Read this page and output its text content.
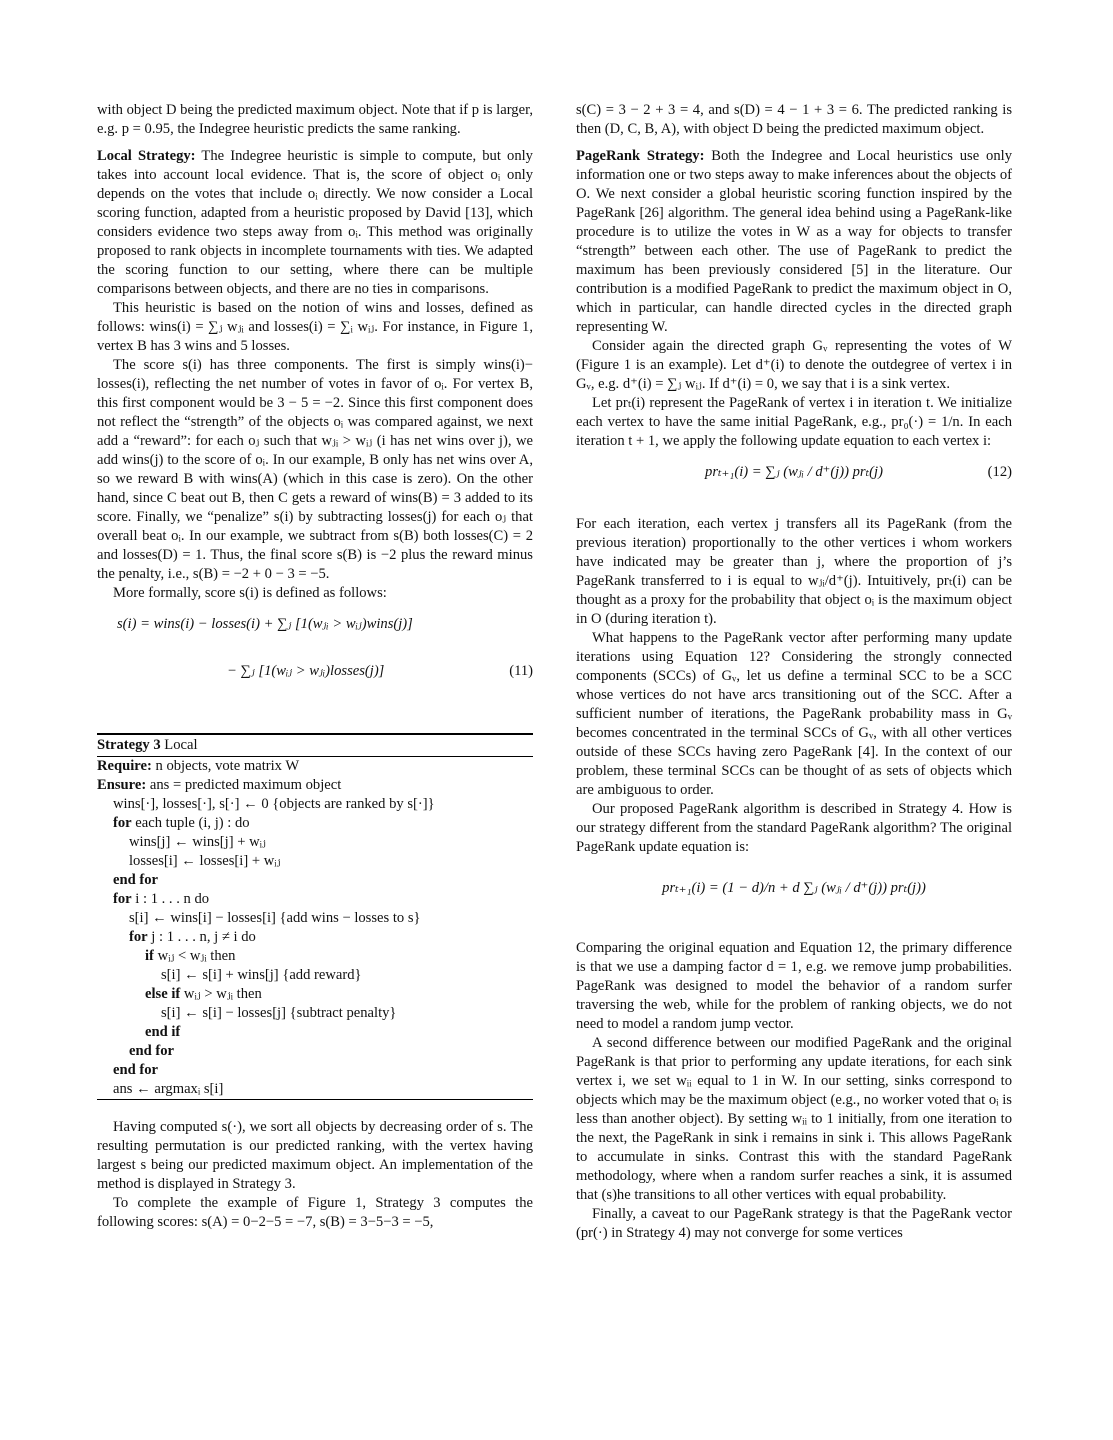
with object D being the predicted maximum object. Note that if p is larger, e.g. p = 0.95, the Indegree heuristic predicts the same ranking.

Local Strategy: The Indegree heuristic is simple to compute, but only takes into account local evidence. That is, the score of object oᵢ only depends on the votes that include oᵢ directly. We now consider a Local scoring function, adapted from a heuristic proposed by David [13], which considers evidence two steps away from oᵢ. This method was originally proposed to rank objects in incomplete tournaments with ties. We adapted the scoring function to our setting, where there can be multiple comparisons between objects, and there are no ties in comparisons.

This heuristic is based on the notion of wins and losses, defined as follows: wins(i) = ∑ⱼ wⱼᵢ and losses(i) = ∑ᵢ wᵢⱼ. For instance, in Figure 1, vertex B has 3 wins and 5 losses.

The score s(i) has three components. The first is simply wins(i)− losses(i), reflecting the net number of votes in favor of oᵢ. For vertex B, this first component would be 3 − 5 = −2. Since this first component does not reflect the “strength” of the objects oᵢ was compared against, we next add a “reward”: for each oⱼ such that wⱼᵢ > wᵢⱼ (i has net wins over j), we add wins(j) to the score of oᵢ. In our example, B only has net wins over A, so we reward B with wins(A) (which in this case is zero). On the other hand, since C beat out B, then C gets a reward of wins(B) = 3 added to its score. Finally, we “penalize” s(i) by subtracting losses(j) for each oⱼ that overall beat oᵢ. In our example, we subtract from s(B) both losses(C) = 2 and losses(D) = 1. Thus, the final score s(B) is −2 plus the reward minus the penalty, i.e., s(B) = −2 + 0 − 3 = −5.

More formally, score s(i) is defined as follows:

s(i) = wins(i) − losses(i) + ∑ⱼ [1(wⱼᵢ > wᵢⱼ)wins(j)]
− ∑ⱼ [1(wᵢⱼ > wⱼᵢ)losses(j)]	(11)
Strategy 3 Local
Require: n objects, vote matrix W
Ensure: ans = predicted maximum object
wins[·], losses[·], s[·] ← 0 {objects are ranked by s[·]}
for each tuple (i, j) : do
wins[j] ← wins[j] + wᵢⱼ
losses[i] ← losses[i] + wᵢⱼ
end for
for i : 1 . . . n do
s[i] ← wins[i] − losses[i] {add wins − losses to s}
for j : 1 . . . n, j ≠ i do
if wᵢⱼ < wⱼᵢ then
s[i] ← s[i] + wins[j] {add reward}
else if wᵢⱼ > wⱼᵢ then
s[i] ← s[i] − losses[j] {subtract penalty}
end if
end for
end for
ans ← argmaxᵢ s[i]

Having computed s(·), we sort all objects by decreasing order of s. The resulting permutation is our predicted ranking, with the vertex having largest s being our predicted maximum object. An implementation of the method is displayed in Strategy 3.

To complete the example of Figure 1, Strategy 3 computes the following scores: s(A) = 0−2−5 = −7, s(B) = 3−5−3 = −5,

s(C) = 3 − 2 + 3 = 4, and s(D) = 4 − 1 + 3 = 6. The predicted ranking is then (D, C, B, A), with object D being the predicted maximum object.

PageRank Strategy: Both the Indegree and Local heuristics use only information one or two steps away to make inferences about the objects of O. We next consider a global heuristic scoring function inspired by the PageRank [26] algorithm. The general idea behind using a PageRank-like procedure is to utilize the votes in W as a way for objects to transfer “strength” between each other. The use of PageRank to predict the maximum has been previously considered [5] in the literature. Our contribution is a modified PageRank to predict the maximum object in O, which in particular, can handle directed cycles in the directed graph representing W.

Consider again the directed graph Gᵥ representing the votes of W (Figure 1 is an example). Let d⁺(i) to denote the outdegree of vertex i in Gᵥ, e.g. d⁺(i) = ∑ⱼ wᵢⱼ. If d⁺(i) = 0, we say that i is a sink vertex.

Let prₜ(i) represent the PageRank of vertex i in iteration t. We initialize each vertex to have the same initial PageRank, e.g., pr₀(·) = 1/n. In each iteration t + 1, we apply the following update equation to each vertex i:

prₜ₊₁(i) = ∑ⱼ (wⱼᵢ / d⁺(j)) prₜ(j)	(12)

For each iteration, each vertex j transfers all its PageRank (from the previous iteration) proportionally to the other vertices i whom workers have indicated may be greater than j, where the proportion of j’s PageRank transferred to i is equal to wⱼᵢ/d⁺(j). Intuitively, prₜ(i) can be thought as a proxy for the probability that object oᵢ is the maximum object in O (during iteration t).

What happens to the PageRank vector after performing many update iterations using Equation 12? Considering the strongly connected components (SCCs) of Gᵥ, let us define a terminal SCC to be a SCC whose vertices do not have arcs transitioning out of the SCC. After a sufficient number of iterations, the PageRank probability mass in Gᵥ becomes concentrated in the terminal SCCs of Gᵥ, with all other vertices outside of these SCCs having zero PageRank [4]. In the context of our problem, these terminal SCCs can be thought of as sets of objects which are ambiguous to order.

Our proposed PageRank algorithm is described in Strategy 4. How is our strategy different from the standard PageRank algorithm? The original PageRank update equation is:

prₜ₊₁(i) = (1 − d)/n + d ∑ⱼ (wⱼᵢ / d⁺(j)) prₜ(j))

Comparing the original equation and Equation 12, the primary difference is that we use a damping factor d = 1, e.g. we remove jump probabilities. PageRank was designed to model the behavior of a random surfer traversing the web, while for the problem of ranking objects, we do not need to model a random jump vector.

A second difference between our modified PageRank and the original PageRank is that prior to performing any update iterations, for each sink vertex i, we set wᵢᵢ equal to 1 in W. In our setting, sinks correspond to objects which may be the maximum object (e.g., no worker voted that oᵢ is less than another object). By setting wᵢᵢ to 1 initially, from one iteration to the next, the PageRank in sink i remains in sink i. This allows PageRank to accumulate in sinks. Contrast this with the standard PageRank methodology, where when a random surfer reaches a sink, it is assumed that (s)he transitions to all other vertices with equal probability.

Finally, a caveat to our PageRank strategy is that the PageRank vector (pr(·) in Strategy 4) may not converge for some vertices
